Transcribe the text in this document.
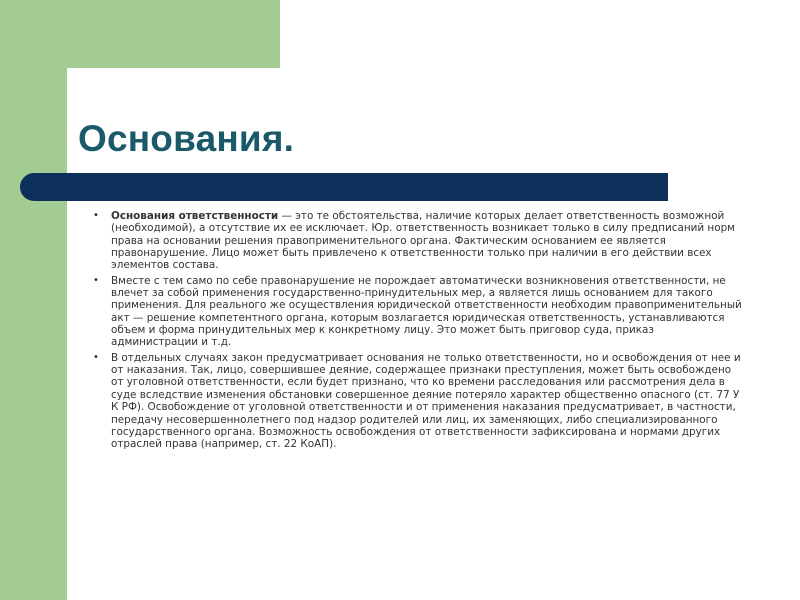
Основания.
• Основания ответственности — это те обстоятельства, наличие которых делает ответственность возможной (необходимой), а отсутствие их ее исключает. Юр. ответственность возникает только в силу предписаний норм права на основании решения правоприменительного органа. Фактическим основанием ее является правонарушение. Лицо может быть привлечено к ответственности только при наличии в его действии всех элементов состава.
• Вместе с тем само по себе правонарушение не порождает автоматически возникновения ответственности, не влечет за собой применения государственно-принудительных мер, а является лишь основанием для такого применения. Для реального же осуществления юридической ответственности необходим правоприменительный акт — решение компетентного органа, которым возлагается юридическая ответственность, устанавливаются объем и форма принудительных мер к конкретному лицу. Это может быть приговор суда, приказ администрации и т.д.
• В отдельных случаях закон предусматривает основания не только ответственности, но и освобождения от нее и от наказания. Так, лицо, совершившее деяние, содержащее признаки преступления, может быть освобождено от уголовной ответственности, если будет признано, что ко времени расследования или рассмотрения дела в суде вследствие изменения обстановки совершенное деяние потеряло характер общественно опасного (ст. 77 У К РФ). Освобождение от уголовной ответственности и от применения наказания предусматривает, в частности, передачу несовершеннолетнего под надзор родителей или лиц, их заменяющих, либо специализированного государственного органа. Возможность освобождения от ответственности зафиксирована и нормами других отраслей права (например, ст. 22 КоАП).
